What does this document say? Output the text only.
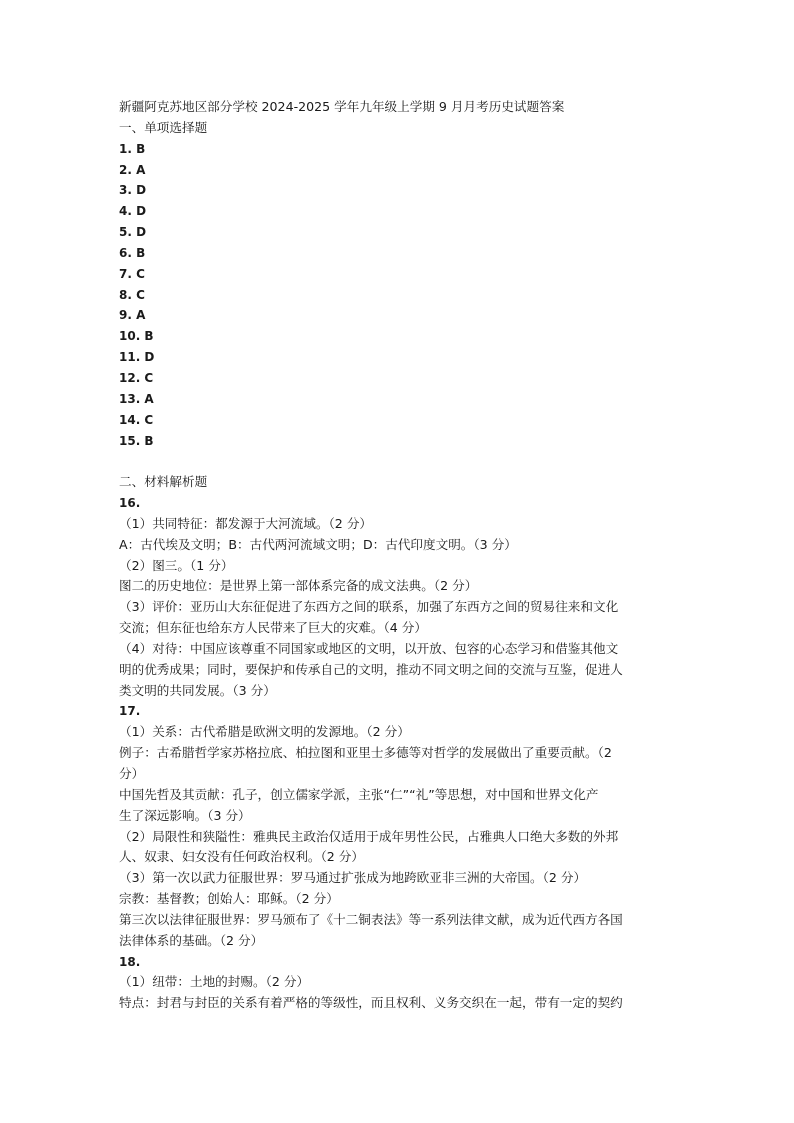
新疆阿克苏地区部分学校 2024-2025 学年九年级上学期 9 月月考历史试题答案
一、单项选择题
1. B
2. A
3. D
4. D
5. D
6. B
7. C
8. C
9. A
10. B
11. D
12. C
13. A
14. C
15. B
二、材料解析题
16.
（1）共同特征：都发源于大河流域。（2 分）
A：古代埃及文明；B：古代两河流域文明；D：古代印度文明。（3 分）
（2）图三。（1 分）
图二的历史地位：是世界上第一部体系完备的成文法典。（2 分）
（3）评价：亚历山大东征促进了东西方之间的联系，加强了东西方之间的贸易往来和文化
交流；但东征也给东方人民带来了巨大的灾难。（4 分）
（4）对待：中国应该尊重不同国家或地区的文明，以开放、包容的心态学习和借鉴其他文
明的优秀成果；同时，要保护和传承自己的文明，推动不同文明之间的交流与互鉴，促进人
类文明的共同发展。（3 分）
17.
（1）关系：古代希腊是欧洲文明的发源地。（2 分）
例子：古希腊哲学家苏格拉底、柏拉图和亚里士多德等对哲学的发展做出了重要贡献。（2
分）
中国先哲及其贡献：孔子，创立儒家学派，主张“仁”“礼”等思想，对中国和世界文化产
生了深远影响。（3 分）
（2）局限性和狭隘性：雅典民主政治仅适用于成年男性公民，占雅典人口绝大多数的外邦
人、奴隶、妇女没有任何政治权利。（2 分）
（3）第一次以武力征服世界：罗马通过扩张成为地跨欧亚非三洲的大帝国。（2 分）
宗教：基督教；创始人：耶稣。（2 分）
第三次以法律征服世界：罗马颁布了《十二铜表法》等一系列法律文献，成为近代西方各国
法律体系的基础。（2 分）
18.
（1）纽带：土地的封赐。（2 分）
特点：封君与封臣的关系有着严格的等级性，而且权利、义务交织在一起，带有一定的契约
